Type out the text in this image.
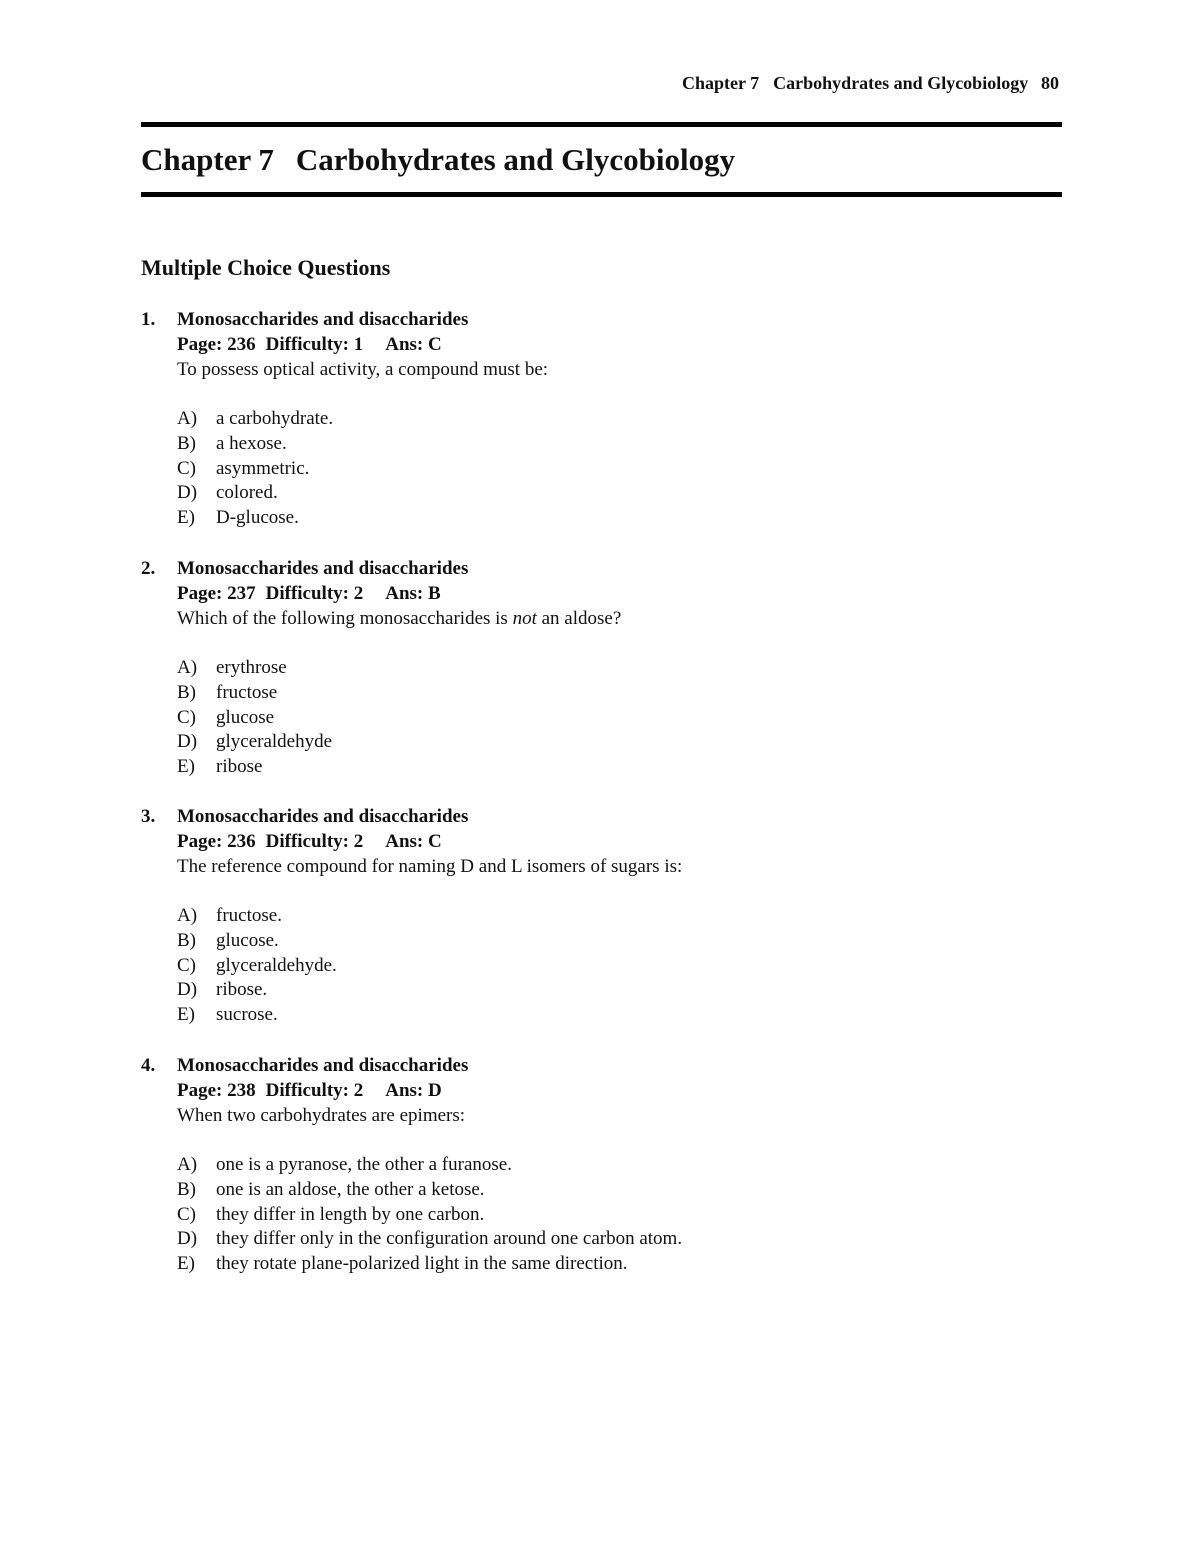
Chapter 7 Carbohydrates and Glycobiology 80
Chapter 7 Carbohydrates and Glycobiology
Multiple Choice Questions
1.	Monosaccharides and disaccharides
Page: 236 Difficulty: 1 Ans: C
To possess optical activity, a compound must be:
A) a carbohydrate.
B)	a hexose.
C)	asymmetric.
D) colored.
E)	D-glucose.
2.	Monosaccharides and disaccharides
Page: 237 Difficulty: 2 Ans: B
Which of the following monosaccharides is not an aldose?
A) erythrose
B)	fructose
C)	glucose
D) glyceraldehyde
E)	ribose
3.	Monosaccharides and disaccharides
Page: 236 Difficulty: 2 Ans: C
The reference compound for naming D and L isomers of sugars is:
A) fructose.
B)	glucose.
C)	glyceraldehyde.
D) ribose.
E)	sucrose.
4.	Monosaccharides and disaccharides
Page: 238 Difficulty: 2 Ans: D
When two carbohydrates are epimers:
A) one is a pyranose, the other a furanose.
B)	one is an aldose, the other a ketose.
C)	they differ in length by one carbon.
D) they differ only in the configuration around one carbon atom.
E)	they rotate plane-polarized light in the same direction.
